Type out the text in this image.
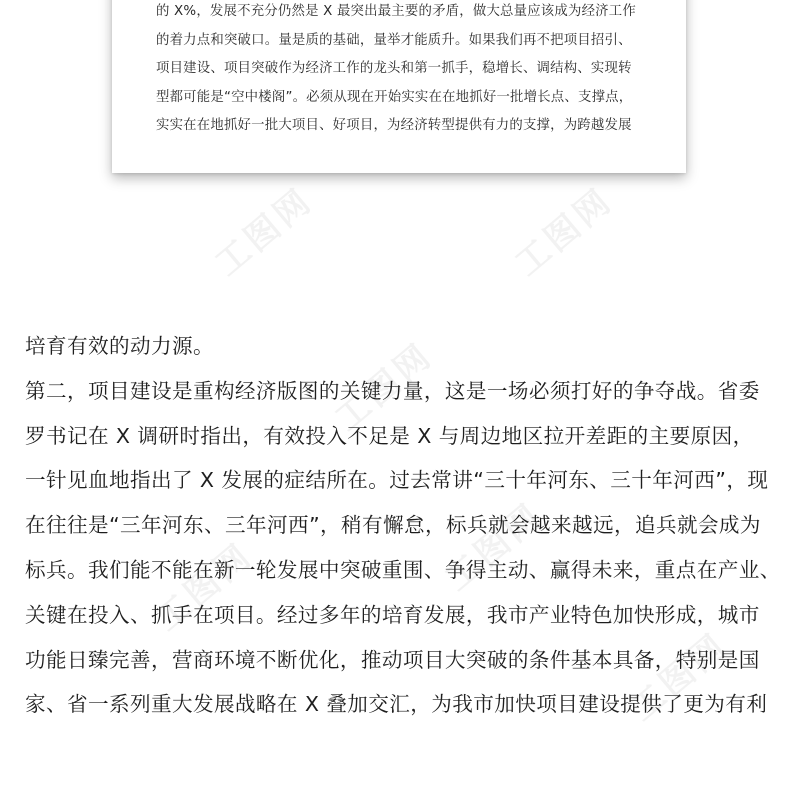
工图网	工图网
工图网
工图网	工图网
工图网
的 X%，发展不充分仍然是 X 最突出最主要的矛盾，做大总量应该成为经济工作
的着力点和突破口。量是质的基础，量举才能质升。如果我们再不把项目招引、
项目建设、项目突破作为经济工作的龙头和第一抓手，稳增长、调结构、实现转
型都可能是“空中楼阁”。必须从现在开始实实在在地抓好一批增长点、支撑点，
实实在在地抓好一批大项目、好项目，为经济转型提供有力的支撑，为跨越发展
培育有效的动力源。
第二，项目建设是重构经济版图的关键力量，这是一场必须打好的争夺战。省委
罗书记在 X 调研时指出，有效投入不足是 X 与周边地区拉开差距的主要原因，
一针见血地指出了 X 发展的症结所在。过去常讲“三十年河东、三十年河西”，现
在往往是“三年河东、三年河西”，稍有懈怠，标兵就会越来越远，追兵就会成为
标兵。我们能不能在新一轮发展中突破重围、争得主动、赢得未来，重点在产业、
关键在投入、抓手在项目。经过多年的培育发展，我市产业特色加快形成，城市
功能日臻完善，营商环境不断优化，推动项目大突破的条件基本具备，特别是国
家、省一系列重大发展战略在 X 叠加交汇，为我市加快项目建设提供了更为有利
